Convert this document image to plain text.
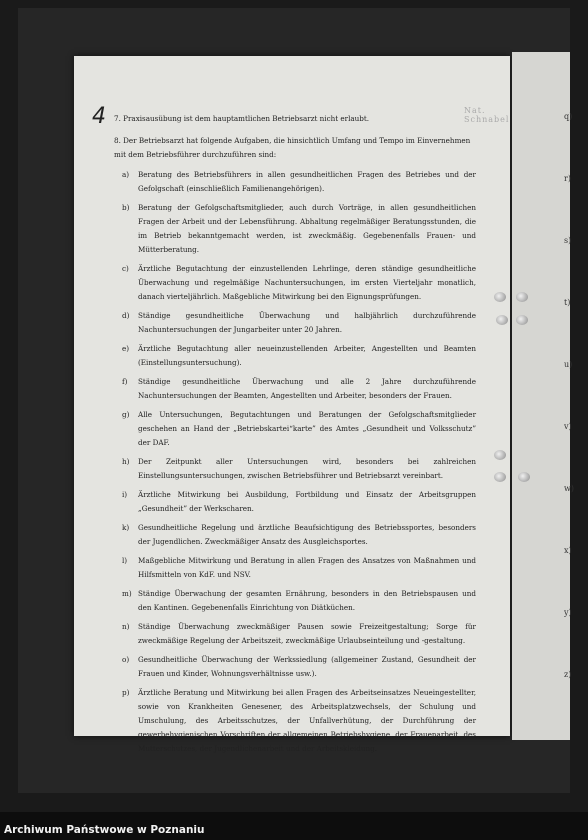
4	Nat. Schnabel
7. Praxisausübung ist dem hauptamtlichen Betriebsarzt nicht erlaubt.
8. Der Betriebsarzt hat folgende Aufgaben, die hinsichtlich Umfang und Tempo im Einvernehmen mit dem Betriebsführer durchzuführen sind:
a)	Beratung des Betriebsführers in allen gesundheitlichen Fragen des Betriebes und der Gefolgschaft (einschließlich Familienangehörigen).
b)	Beratung der Gefolgschaftsmitglieder, auch durch Vorträge, in allen gesundheitlichen Fragen der Arbeit und der Lebensführung. Abhaltung regelmäßiger Beratungsstunden, die im Betrieb bekanntgemacht werden, ist zweckmäßig. Gegebenenfalls Frauen- und Mütterberatung.
c)	Ärztliche Begutachtung der einzustellenden Lehrlinge, deren ständige gesundheitliche Überwachung und regelmäßige Nachuntersuchungen, im ersten Vierteljahr monatlich, danach vierteljährlich. Maßgebliche Mitwirkung bei den Eignungsprüfungen.
d)	Ständige gesundheitliche Überwachung und halbjährlich durchzuführende Nachuntersuchungen der Jungarbeiter unter 20 Jahren.
e)	Ärztliche Begutachtung aller neueinzustellenden Arbeiter, Angestellten und Beamten (Einstellungsuntersuchung).
f)	Ständige gesundheitliche Überwachung und alle 2 Jahre durchzuführende Nachuntersuchungen der Beamten, Angestellten und Arbeiter, besonders der Frauen.
g)	Alle Untersuchungen, Begutachtungen und Beratungen der Gefolgschaftsmitglieder geschehen an Hand der „Betriebskartei“karte” des Amtes „Gesundheit und Volksschutz” der DAF.
h)	Der Zeitpunkt aller Untersuchungen wird, besonders bei zahlreichen Einstellungsuntersuchungen, zwischen Betriebsführer und Betriebsarzt vereinbart.
i)	Ärztliche Mitwirkung bei Ausbildung, Fortbildung und Einsatz der Arbeitsgruppen „Gesundheit” der Werkscharen.
k)	Gesundheitliche Regelung und ärztliche Beaufsichtigung des Betriebssportes, besonders der Jugendlichen. Zweckmäßiger Ansatz des Ausgleichsportes.
l)	Maßgebliche Mitwirkung und Beratung in allen Fragen des Ansatzes von Maßnahmen und Hilfsmitteln von KdF. und NSV.
m) Ständige Überwachung der gesamten Ernährung, besonders in den Betriebspausen und den Kantinen. Gegebenenfalls Einrichtung von Diätküchen.
n)	Ständige Überwachung zweckmäßiger Pausen sowie Freizeitgestaltung; Sorge für zweckmäßige Regelung der Arbeitszeit, zweckmäßige Urlaubseinteilung und -gestaltung.
o)	Gesundheitliche Überwachung der Werkssiedlung (allgemeiner Zustand, Gesundheit der Frauen und Kinder, Wohnungsverhältnisse usw.).
p)	Ärztliche Beratung und Mitwirkung bei allen Fragen des Arbeitseinsatzes Neueingestellter, sowie von Krankheiten Genesener, des Arbeitsplatzwechsels, der Schulung und Umschulung, des Arbeitsschutzes, der Unfallverhütung, der Durchführung der gewerbehygienischen Vorschriften der allgemeinen Betriebshygiene, der Frauenarbeit, des Mutterschutzes, der Jugendlichenarbeit und der Arbeitskleidung.
q)
r)
s)
t)
u)
v)
w)
x)
y)
z)
Archiwum Państwowe w Poznaniu
